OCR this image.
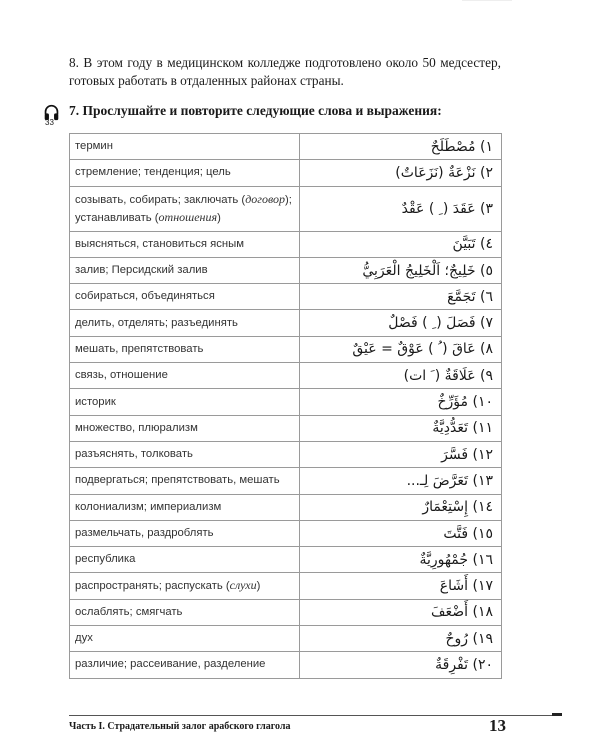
8. В этом году в медицинском колледже подготовлено около 50 медсестер, готовых работать в отдаленных районах страны.

33
7. Прослушайте и повторите следующие слова и выражения:
термин	١) مُصْطَلَحٌ
стремление; тенденция; цель	٢) نَزْعَةٌ (نَزَعَاتٌ)
созывать, собирать; заключать (договор); устанавливать (отношения)	٣) عَقَدَ ( ِ ) عَقْدٌ
выясняться, становиться ясным	٤) تَبَيَّنَ
залив; Персидский залив	٥) خَلِيجٌ؛ اَلْخَلِيجُ الْعَرَبِيُّ
собираться, объединяться	٦) تَجَمَّعَ
делить, отделять; разъединять	٧) فَصَلَ ( ِ ) فَصْلٌ
мешать, препятствовать	٨) عَاقَ ( ُ ) عَوْقٌ = عَيْقٌ
связь, отношение	٩) عَلَاقَةٌ ( َ ات)
историк	١٠) مُؤَرِّخٌ
множество, плюрализм	١١) تَعَدُّدِيَّةٌ
разъяснять, толковать	١٢) فَسَّرَ
подвергаться; препятствовать, мешать	١٣) تَعَرَّضَ لِـ...
колониализм; империализм	١٤) إِسْتِعْمَارٌ
размельчать, раздроблять	١٥) فَتَّتَ
республика	١٦) جُمْهُورِيَّةٌ
распространять; распускать (слухи)	١٧) أَشَاعَ
ослаблять; смягчать	١٨) أَضْعَفَ
дух	١٩) رُوحٌ
различие; рассеивание, разделение	٢٠) تَفْرِقَةٌ
Часть I. Страдательный залог арабского глагола	13
